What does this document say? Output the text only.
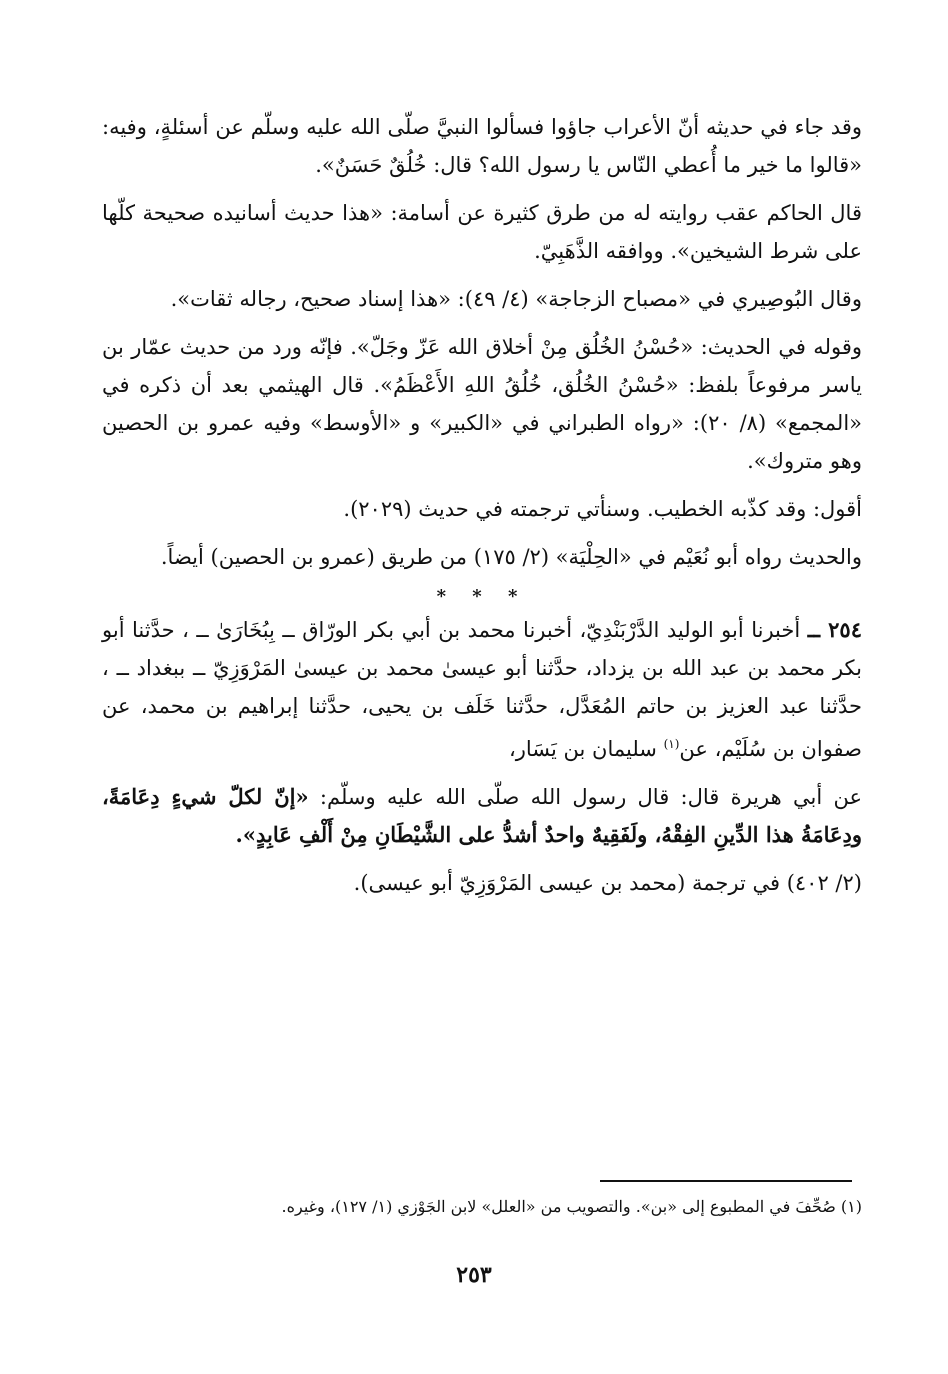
وقد جاء في حديثه أنّ الأعراب جاؤوا فسألوا النبيَّ صلّى الله عليه وسلّم عن أسئلةٍ، وفيه: «قالوا ما خير ما أُعطي النّاس يا رسول الله؟ قال: خُلُقٌ حَسَنٌ».

قال الحاكم عقب روايته له من طرق كثيرة عن أسامة: «هذا حديث أسانيده صحيحة كلّها على شرط الشيخين». ووافقه الذَّهَبِيّ.

وقال البُوصِيري في «مصباح الزجاجة» (٤/ ٤٩): «هذا إسناد صحيح، رجاله ثقات».

وقوله في الحديث: «حُسْنُ الخُلُق مِنْ أخلاق الله عَزّ وجَلّ». فإنّه ورد من حديث عمّار بن ياسر مرفوعاً بلفظ: «حُسْنُ الخُلُق، خُلُقُ اللهِ الأَعْظَمُ». قال الهيثمي بعد أن ذكره في «المجمع» (٨/ ٢٠): «رواه الطبراني في «الكبير» و «الأوسط» وفيه عمرو بن الحصين وهو متروك».

أقول: وقد كذّبه الخطيب. وسنأتي ترجمته في حديث (٢٠٢٩).

والحديث رواه أبو نُعَيْم في «الحِلْيَة» (٢/ ١٧٥) من طريق (عمرو بن الحصين) أيضاً.

* * *

٢٥٤ ــ أخبرنا أبو الوليد الدَّرْبَنْدِيّ، أخبرنا محمد بن أبي بكر الورّاق ــ بِبُخَارَىٰ ــ ، حدَّثنا أبو بكر محمد بن عبد الله بن يزداد، حدَّثنا أبو عيسىٰ محمد بن عيسىٰ المَرْوَزِيّ ــ ببغداد ــ ، حدَّثنا عبد العزيز بن حاتم المُعَدَّل، حدَّثنا خَلَف بن يحيى، حدَّثنا إبراهيم بن محمد، عن صفوان بن سُلَيْم، عن$^{(١)}$ سليمان بن يَسَار،

عن أبي هريرة قال: قال رسول الله صلّى الله عليه وسلّم: «إنّ لكلّ شيءٍ دِعَامَةً، ودِعَامَةُ هذا الدِّينِ الفِقْهُ، ولَفَقِيهٌ واحدٌ أشدُّ على الشَّيْطَانِ مِنْ أَلْفِ عَابِدٍ».

(٢/ ٤٠٢) في ترجمة (محمد بن عيسى المَرْوَزِيّ أبو عيسى).

(١) صُحِّفَ في المطبوع إلى «بن». والتصويب من «العلل» لابن الجَوْزي (١/ ١٢٧)، وغيره.
٢٥٣
